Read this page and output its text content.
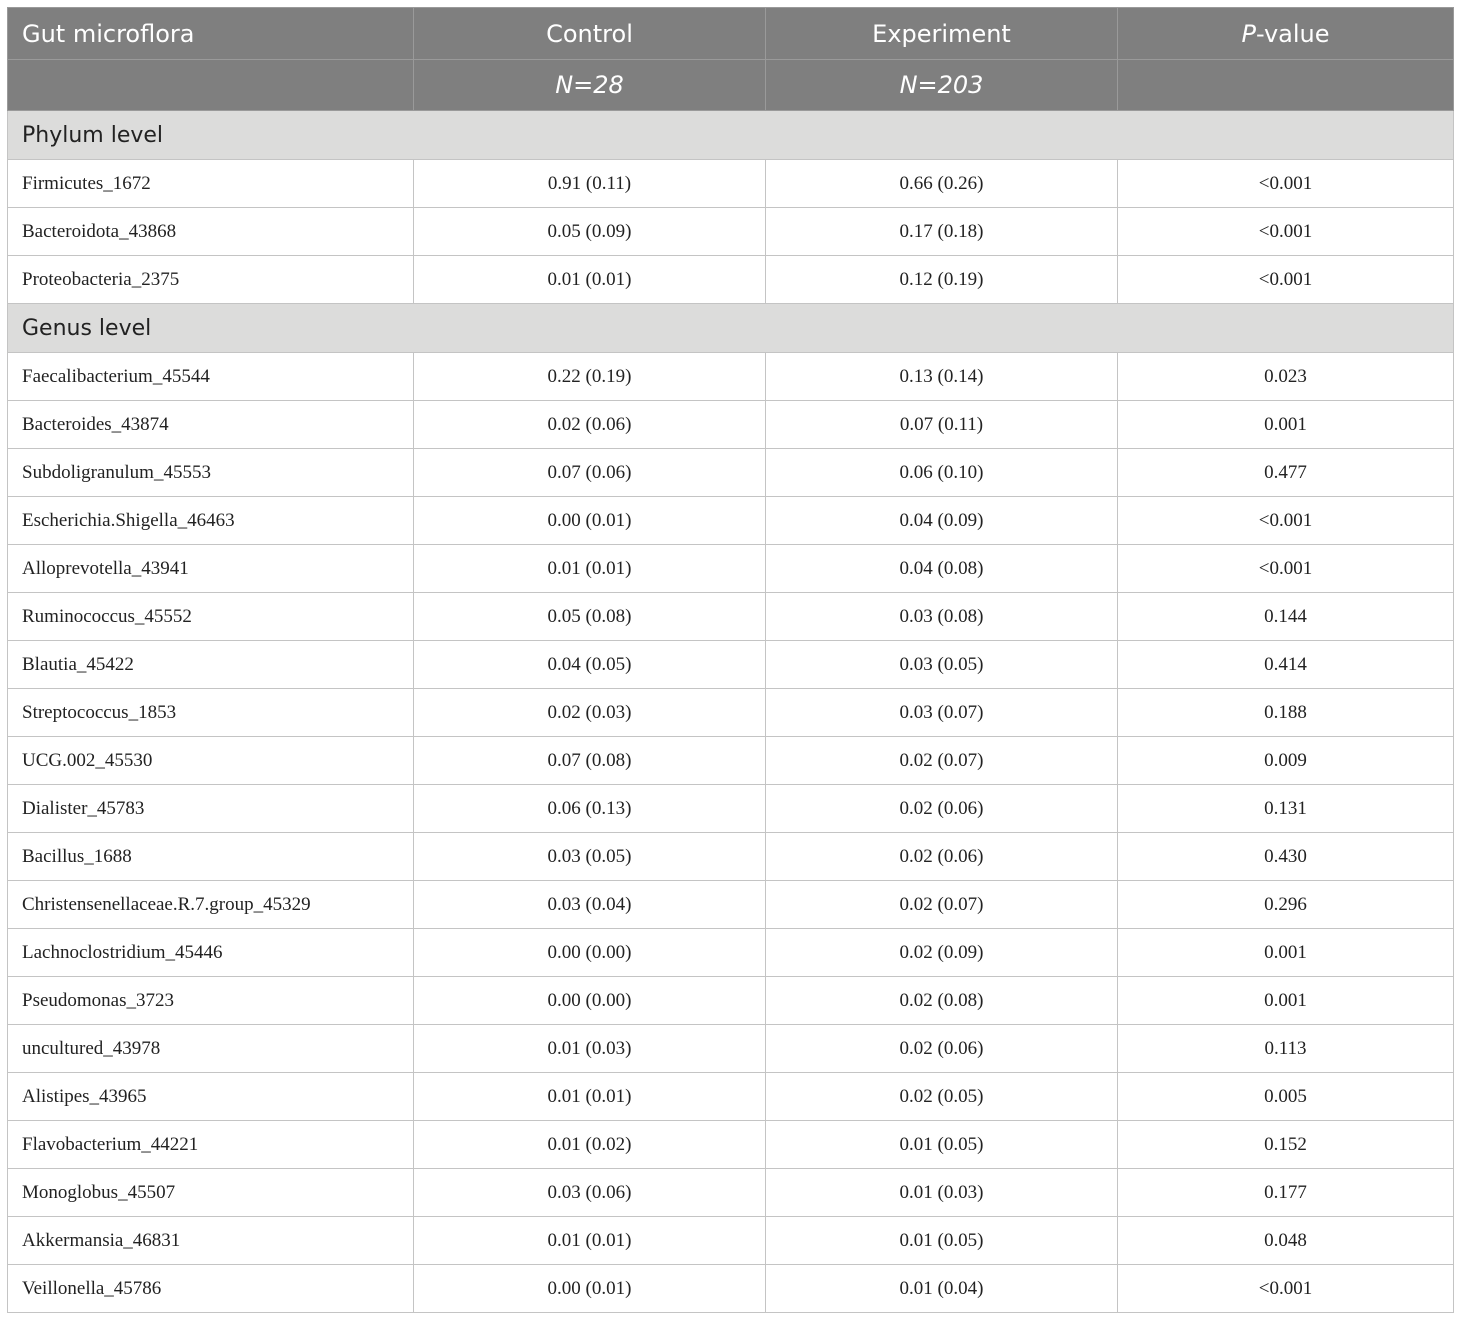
Gut microflora	Control	Experiment	P-value
	N=28	N=203	
Phylum level			
Firmicutes_1672	0.91 (0.11)	0.66 (0.26)	<0.001
Bacteroidota_43868	0.05 (0.09)	0.17 (0.18)	<0.001
Proteobacteria_2375	0.01 (0.01)	0.12 (0.19)	<0.001
Genus level			
Faecalibacterium_45544	0.22 (0.19)	0.13 (0.14)	0.023
Bacteroides_43874	0.02 (0.06)	0.07 (0.11)	0.001
Subdoligranulum_45553	0.07 (0.06)	0.06 (0.10)	0.477
Escherichia.Shigella_46463	0.00 (0.01)	0.04 (0.09)	<0.001
Alloprevotella_43941	0.01 (0.01)	0.04 (0.08)	<0.001
Ruminococcus_45552	0.05 (0.08)	0.03 (0.08)	0.144
Blautia_45422	0.04 (0.05)	0.03 (0.05)	0.414
Streptococcus_1853	0.02 (0.03)	0.03 (0.07)	0.188
UCG.002_45530	0.07 (0.08)	0.02 (0.07)	0.009
Dialister_45783	0.06 (0.13)	0.02 (0.06)	0.131
Bacillus_1688	0.03 (0.05)	0.02 (0.06)	0.430
Christensenellaceae.R.7.group_45329	0.03 (0.04)	0.02 (0.07)	0.296
Lachnoclostridium_45446	0.00 (0.00)	0.02 (0.09)	0.001
Pseudomonas_3723	0.00 (0.00)	0.02 (0.08)	0.001
uncultured_43978	0.01 (0.03)	0.02 (0.06)	0.113
Alistipes_43965	0.01 (0.01)	0.02 (0.05)	0.005
Flavobacterium_44221	0.01 (0.02)	0.01 (0.05)	0.152
Monoglobus_45507	0.03 (0.06)	0.01 (0.03)	0.177
Akkermansia_46831	0.01 (0.01)	0.01 (0.05)	0.048
Veillonella_45786	0.00 (0.01)	0.01 (0.04)	<0.001
